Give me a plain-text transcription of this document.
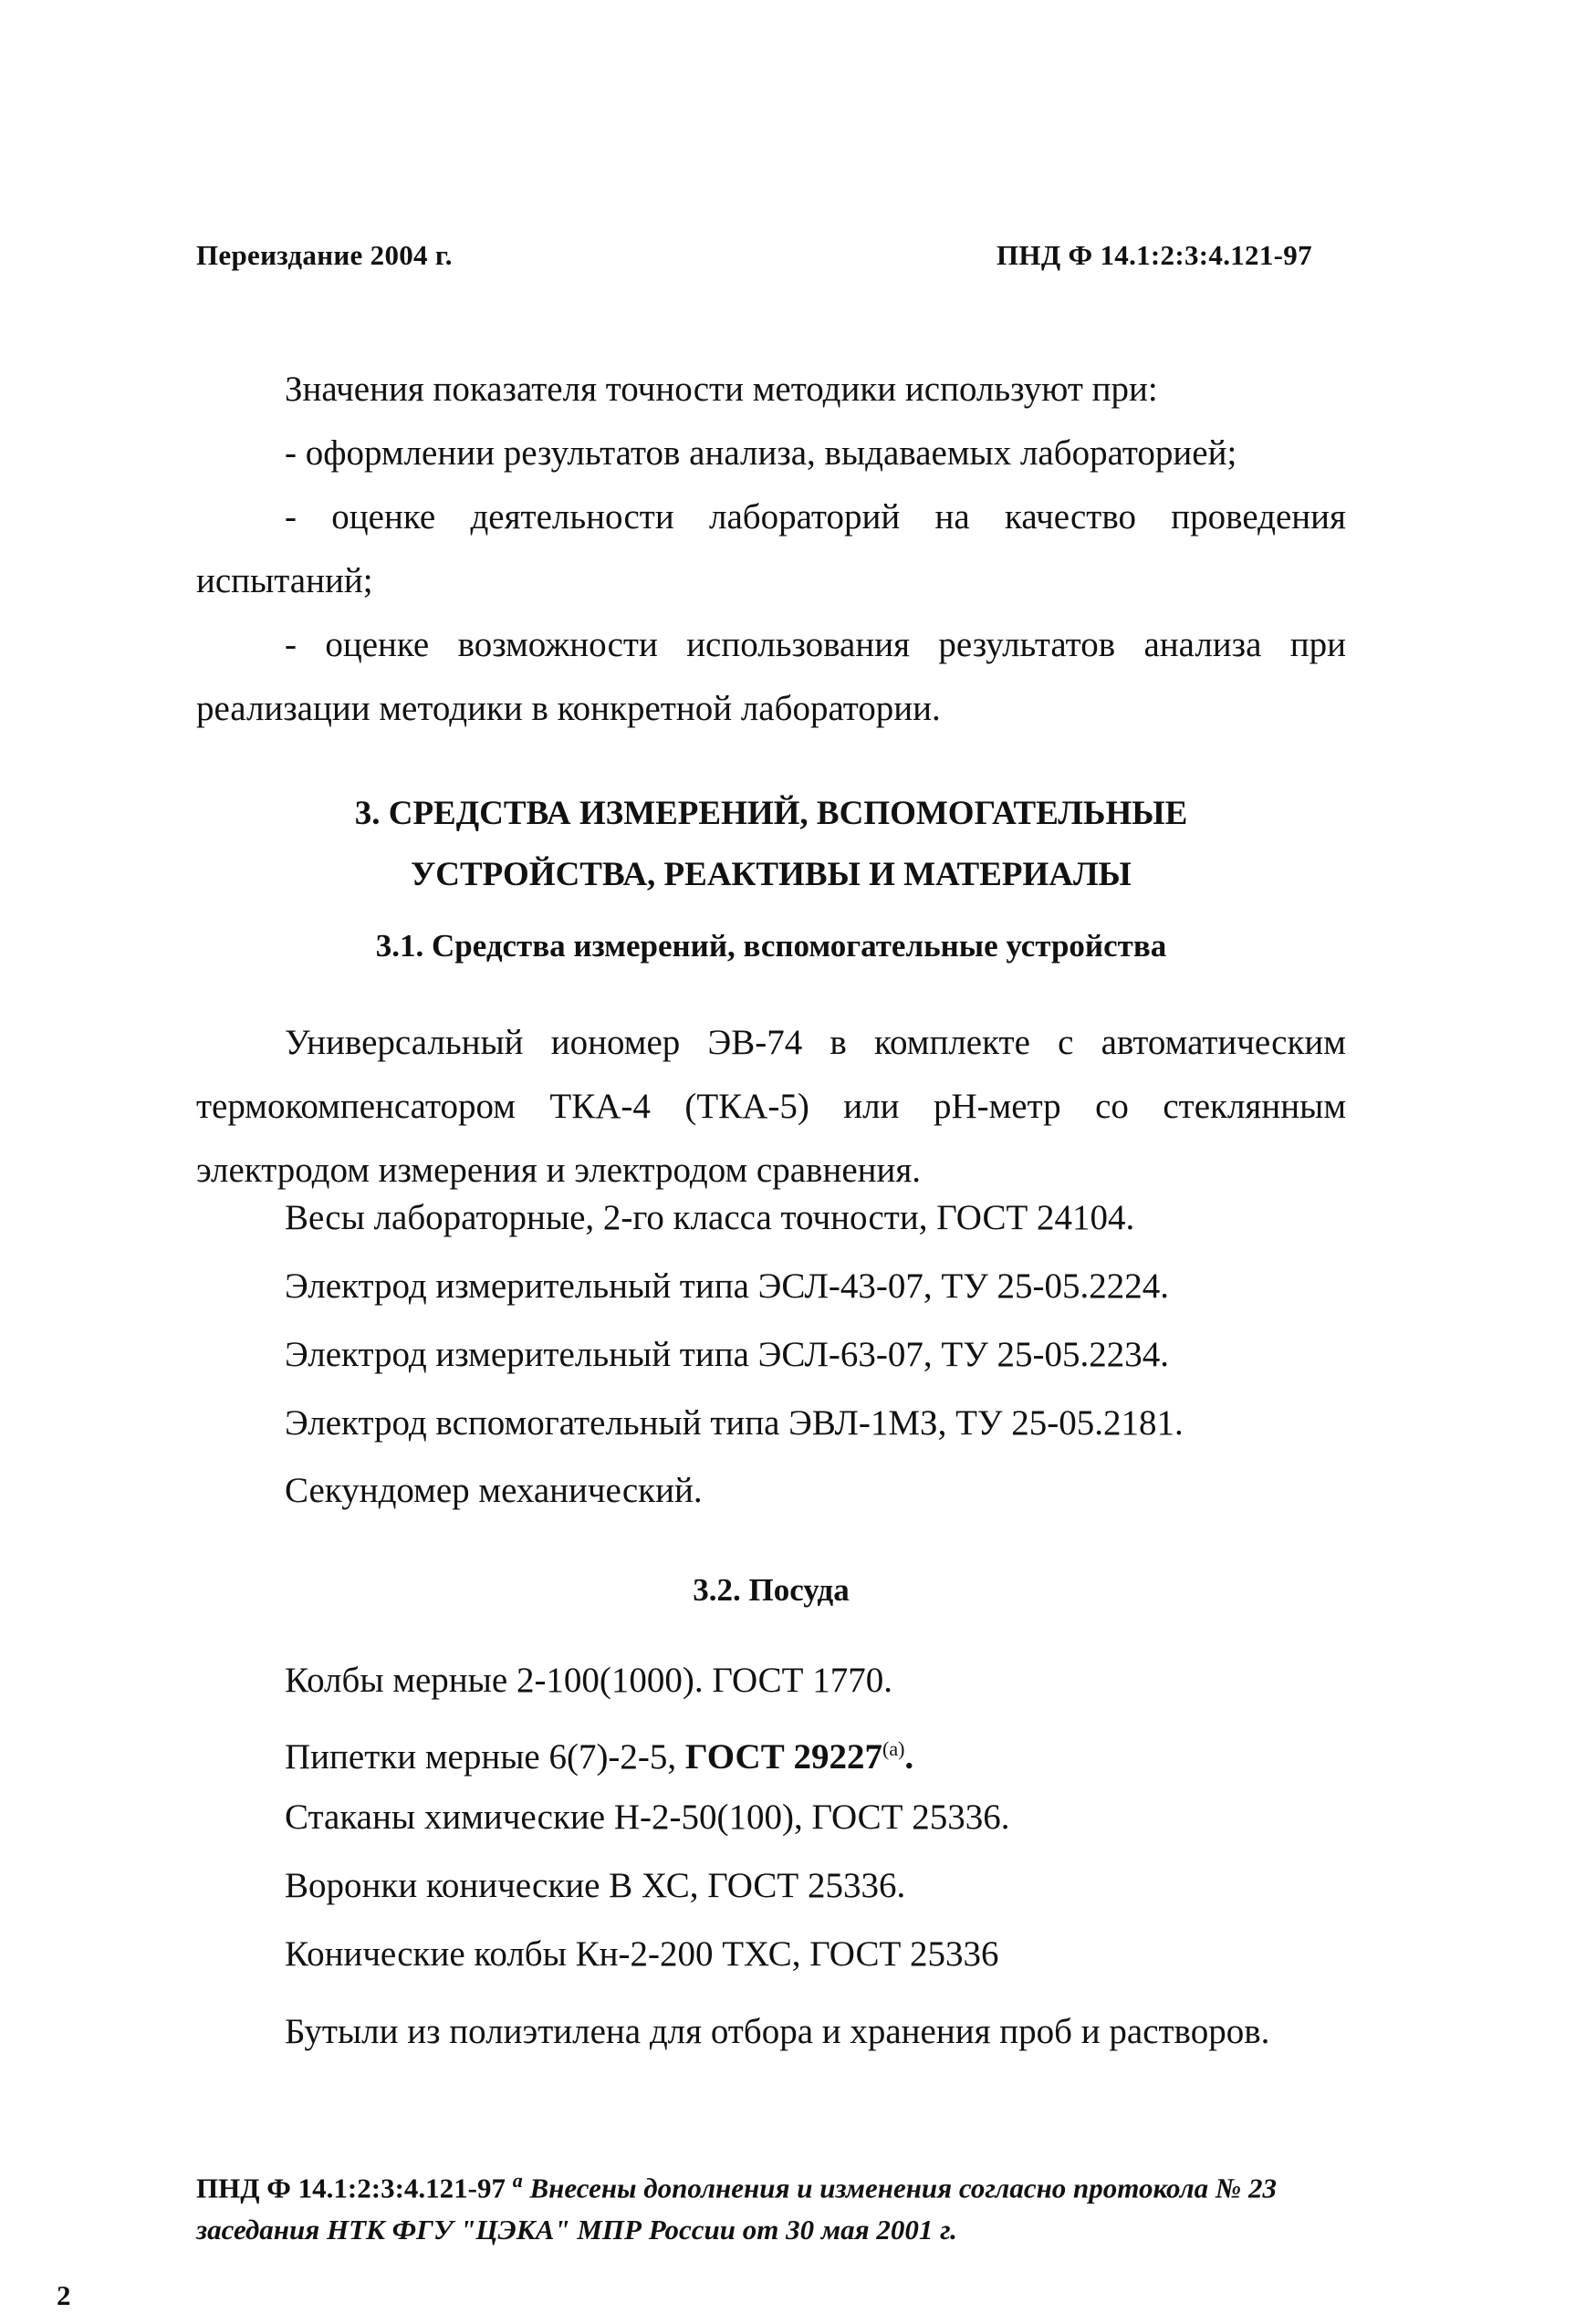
Переиздание 2004 г.	ПНД Ф 14.1:2:3:4.121-97
Значения показателя точности методики используют при:
- оформлении результатов анализа, выдаваемых лабораторией;
- оценке деятельности лабораторий на качество проведения испытаний;
- оценке возможности использования результатов анализа при реализации методики в конкретной лаборатории.
3. СРЕДСТВА ИЗМЕРЕНИЙ, ВСПОМОГАТЕЛЬНЫЕ
УСТРОЙСТВА, РЕАКТИВЫ И МАТЕРИАЛЫ
3.1. Средства измерений, вспомогательные устройства
Универсальный иономер ЭВ-74 в комплекте с автоматическим термокомпенсатором ТКА-4 (ТКА-5) или pH-метр со стеклянным электродом измерения и электродом сравнения.
Весы лабораторные, 2-го класса точности, ГОСТ 24104.
Электрод измерительный типа ЭСЛ-43-07, ТУ 25-05.2224.
Электрод измерительный типа ЭСЛ-63-07, ТУ 25-05.2234.
Электрод вспомогательный типа ЭВЛ-1МЗ, ТУ 25-05.2181.
Секундомер механический.
3.2. Посуда
Колбы мерные 2-100(1000). ГОСТ 1770.
Пипетки мерные 6(7)-2-5, ГОСТ $29227^{(а)}$.
Стаканы химические Н-2-50(100), ГОСТ 25336.
Воронки конические В ХС, ГОСТ 25336.
Конические колбы Кн-2-200 ТХС, ГОСТ 25336
Бутыли из полиэтилена для отбора и хранения проб и растворов.
ПНД Ф 14.1:2:3:4.121-97 $^а$ Внесены дополнения и изменения согласно протокола № 23 заседания НТК ФГУ "ЦЭКА" МПР России от 30 мая 2001 г.
2
